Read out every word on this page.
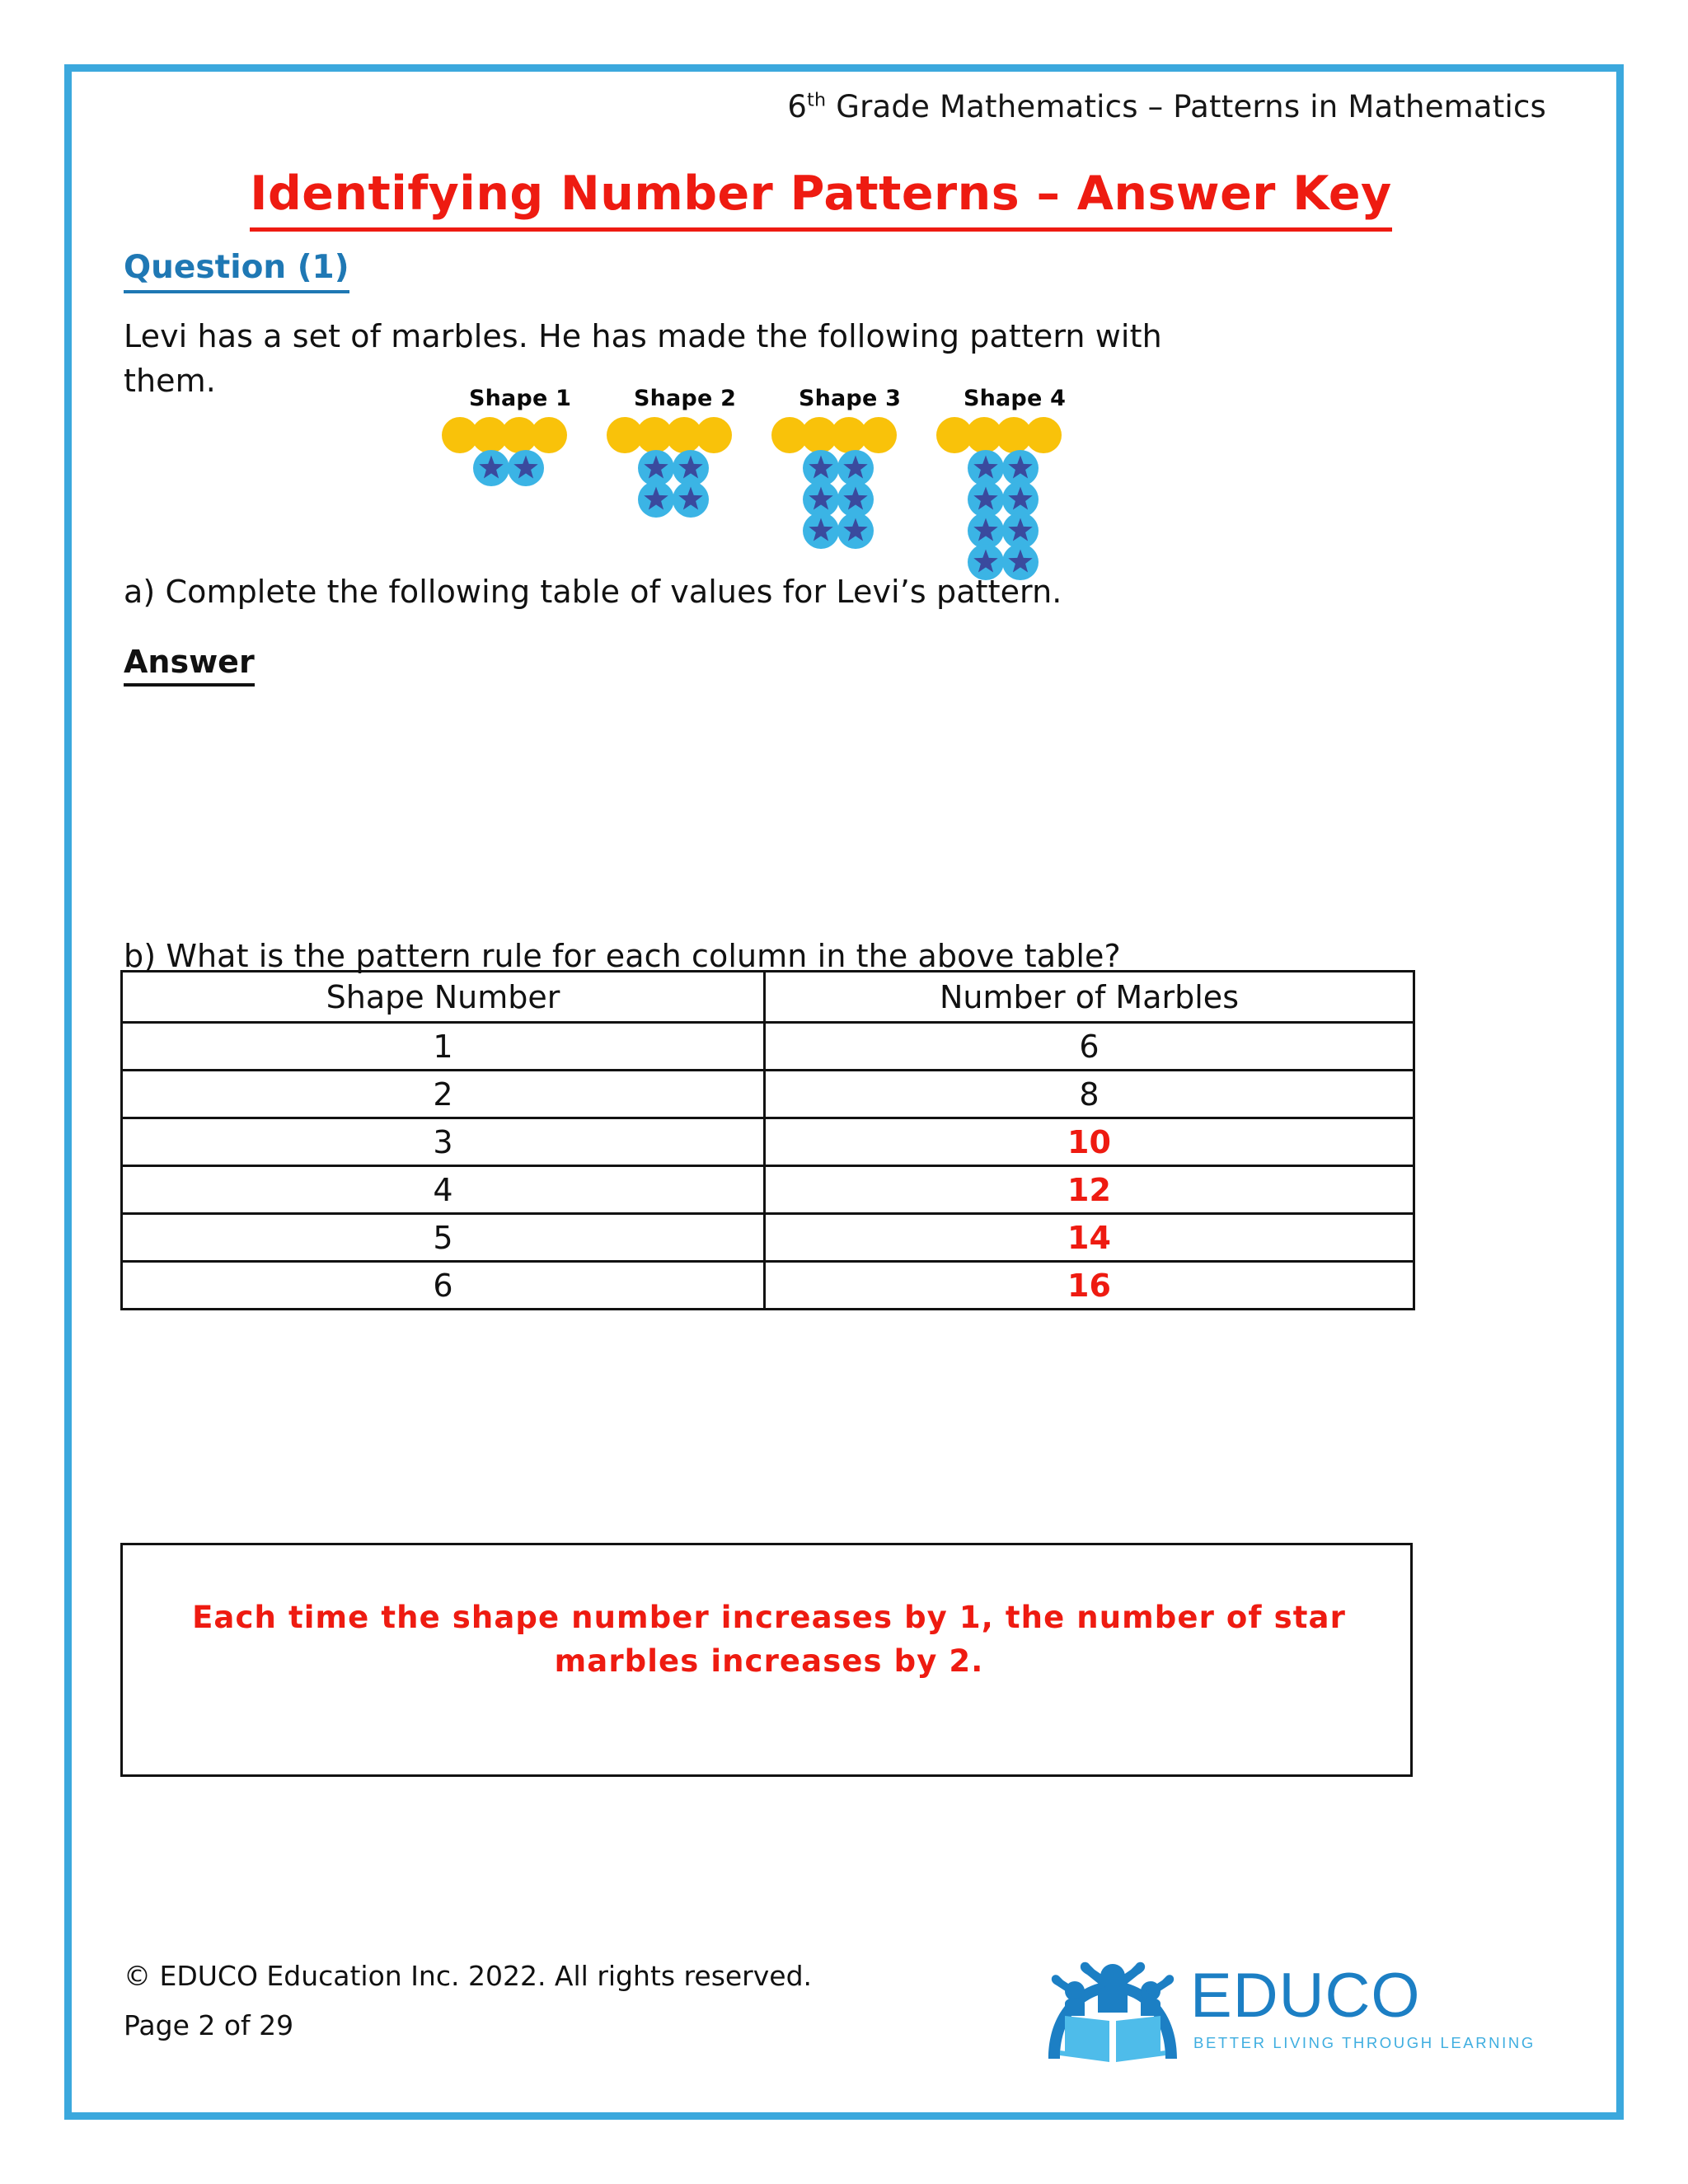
6th Grade Mathematics – Patterns in Mathematics
Identifying Number Patterns – Answer Key
Question (1)
Levi has a set of marbles. He has made the following pattern with them.	Shape 1	Shape 2	Shape 3	Shape 4
a) Complete the following table of values for Levi’s pattern.
Answer
Shape Number	Number of Marbles
1	6
2	8
3	10
4	12
5	14
6	16
b) What is the pattern rule for each column in the above table?
Each time the shape number increases by 1, the number of star marbles increases by 2.
© EDUCO Education Inc. 2022. All rights reserved.
Page 2 of 29	EDUCO
BETTER LIVING THROUGH LEARNING
